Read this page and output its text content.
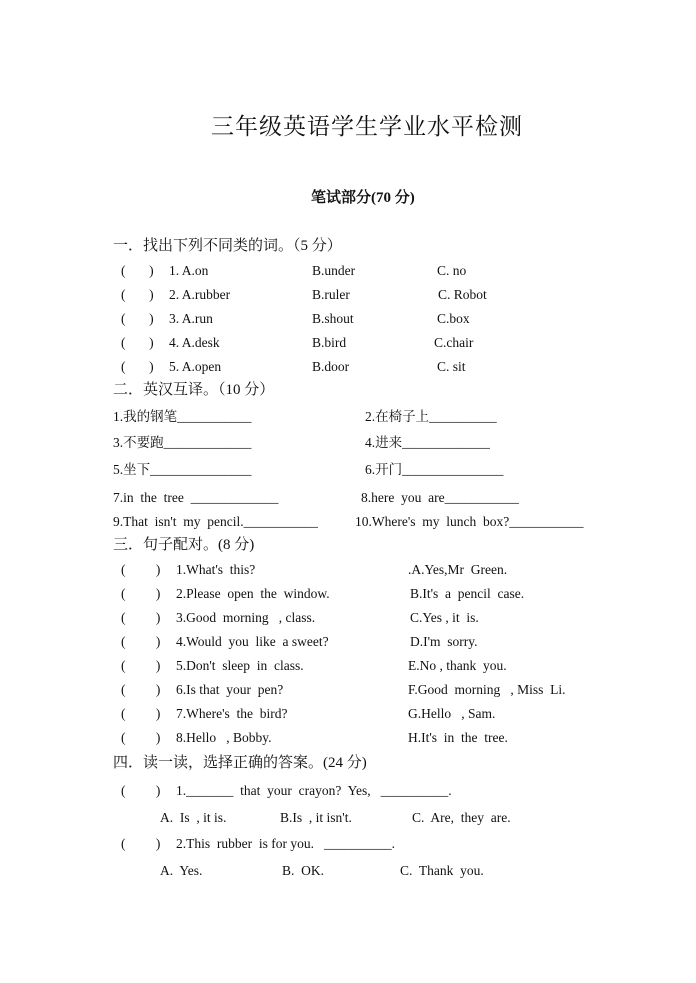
三年级英语学生学业水平检测
笔试部分(70 分)
一．找出下列不同类的词。（5 分）
(       ) 1. A.on	B.under	C. no
(       ) 2. A.rubber	B.ruler	C. Robot
(       ) 3. A.run	B.shout	C.box
(       ) 4. A.desk	B.bird	C.chair
(       ) 5. A.open	B.door	C. sit
二．英汉互译。（10 分）
1.我的钢笔___________	2.在椅子上__________
3.不要跑_____________	4.进来_____________
5.坐下_______________	6.开门_______________
7.in  the  tree  _____________	8.here  you  are___________
9.That  isn't  my  pencil.___________	10.Where's  my  lunch  box?___________
三．句子配对。(8 分)
(         ) 1.What's  this?	.A.Yes,Mr  Green.
(         ) 2.Please  open  the  window.	B.It's  a  pencil  case.
(         ) 3.Good  morning   , class.	C.Yes , it  is.
(         ) 4.Would  you  like  a sweet?	D.I'm  sorry.
(         ) 5.Don't  sleep  in  class.	E.No , thank  you.
(         ) 6.Is that  your  pen?	F.Good  morning   , Miss  Li.
(         ) 7.Where's  the  bird?	G.Hello   , Sam.
(         ) 8.Hello   , Bobby.	H.It's  in  the  tree.
四．读一读，选择正确的答案。(24 分)
(         ) 1._______  that  your  crayon?  Yes,   __________.
A.  Is  , it is.	B.Is  , it isn't.	C.  Are,  they  are.
(         ) 2.This  rubber  is for you.   __________.
A.  Yes.	B.  OK.	C.  Thank  you.
